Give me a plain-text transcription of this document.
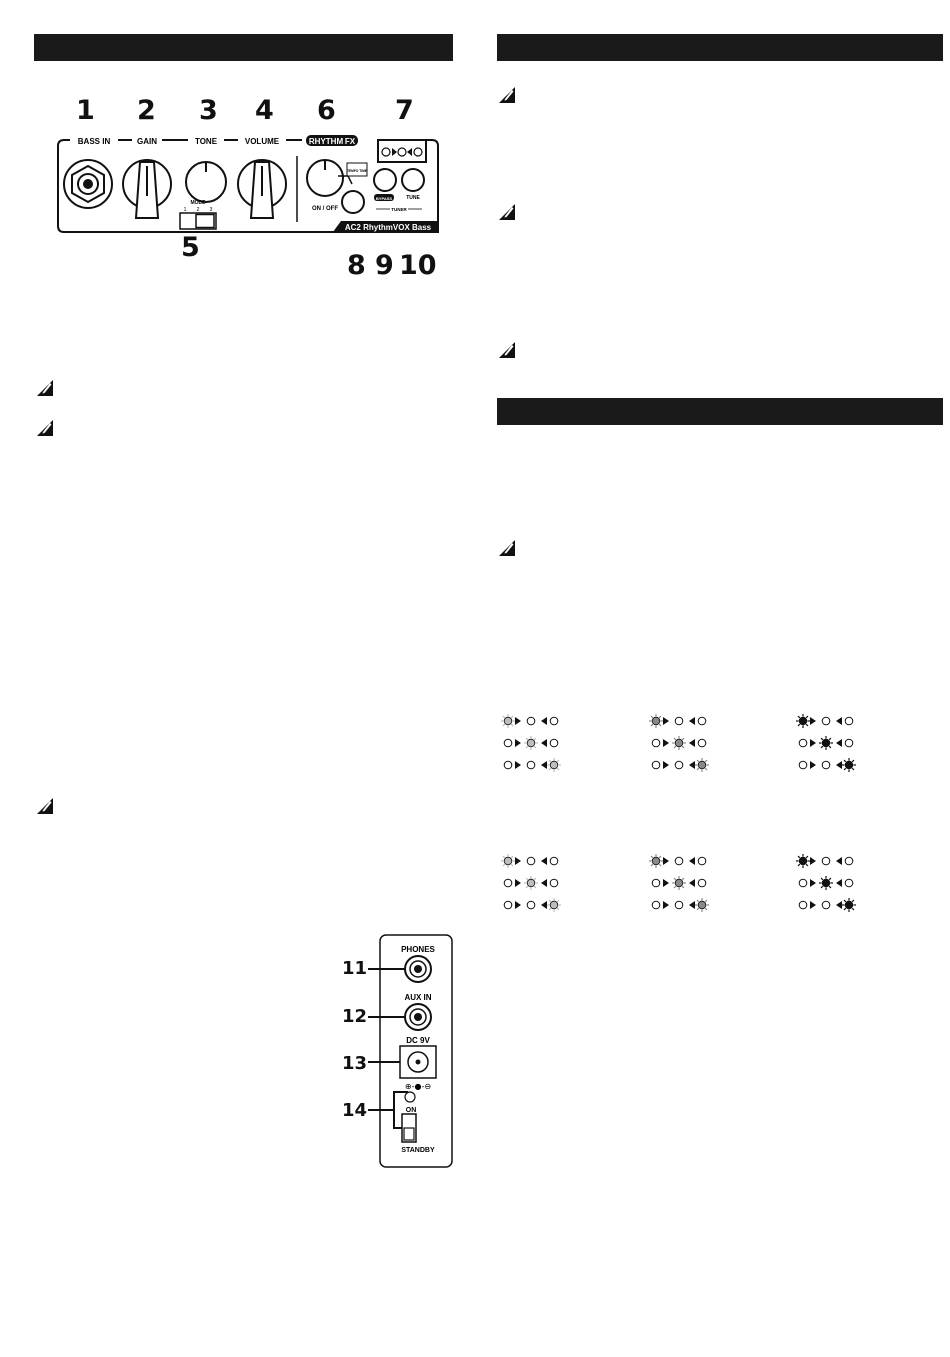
1 2 3 4 6 7
5
8 9 10
BASS IN	GAIN	TONE	VOLUME	RHYTHM FX
MODE
1 2 3	ON / OFF
TEMPO TIME
BYPASS	TUNE
TUNER
AC2 RhythmVOX Bass
11
12
13
14
PHONES
AUX IN
DC 9V
⊕-●-⊖
ON
STANDBY
